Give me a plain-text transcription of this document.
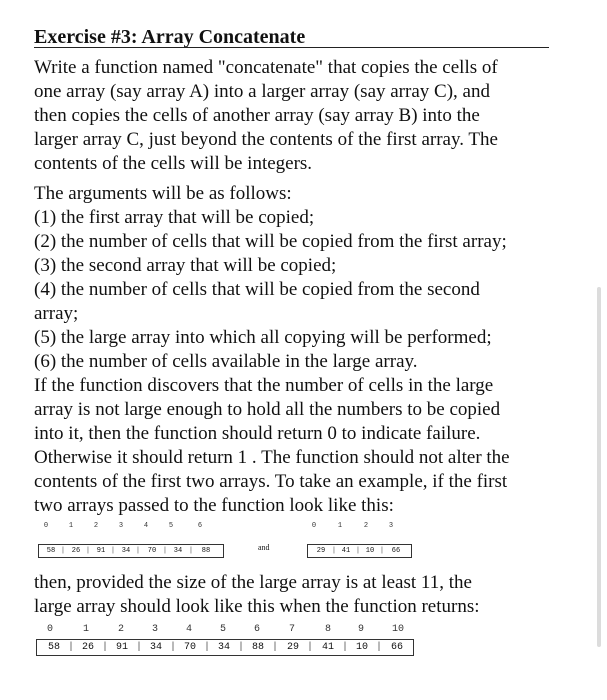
Exercise #3: Array Concatenate
Write a function named "concatenate" that copies the cells of
one array (say array A) into a larger array (say array C), and
then copies the cells of another array (say array B) into the
larger array C, just beyond the contents of the first array. The
contents of the cells will be integers.
The arguments will be as follows:
(1) the first array that will be copied;
(2) the number of cells that will be copied from the first array;
(3) the second array that will be copied;
(4) the number of cells that will be copied from the second
array;
(5) the large array into which all copying will be performed;
(6) the number of cells available in the large array.
If the function discovers that the number of cells in the large
array is not large enough to hold all the numbers to be copied
into it, then the function should return 0 to indicate failure.
Otherwise it should return 1 . The function should not alter the
contents of the first two arrays. To take an example, if the first
two arrays passed to the function look like this:
0	1	2	3	4	5	6
58 | 26 | 91 | 34 | 70 | 34 | 88	and
0	1	2	3
29 | 41 | 10 | 66
then, provided the size of the large array is at least 11, the
large array should look like this when the function returns:
0	1	2	3	4	5	6	7	8	9	10
58 | 26 | 91 | 34 | 70 | 34 | 88 | 29 | 41 | 10 | 66
